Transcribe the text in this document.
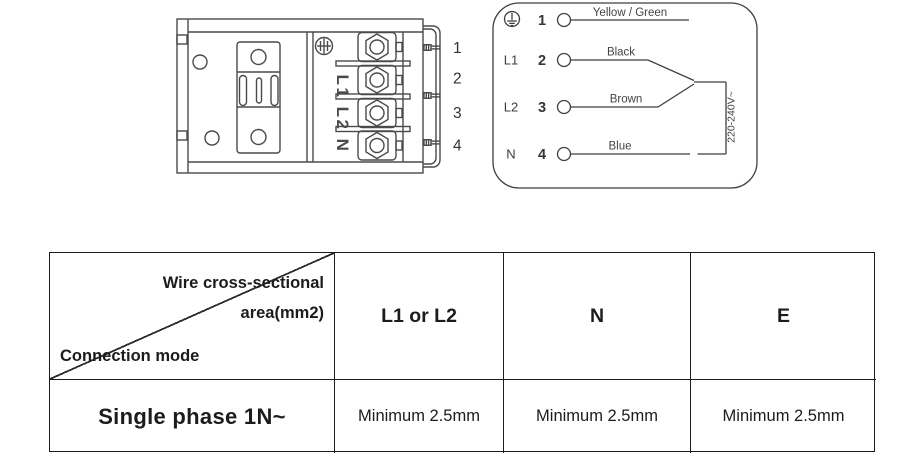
L1 L2 N
1
2
3
4
L1
L2
N
1
2
3
4
Yellow / Green
Black
Brown
Blue
220-240V~
Wire cross-sectional
area(mm2)
Connection mode
L1 or L2	N	E
Single phase 1N~	Minimum 2.5mm	Minimum 2.5mm	Minimum 2.5mm
